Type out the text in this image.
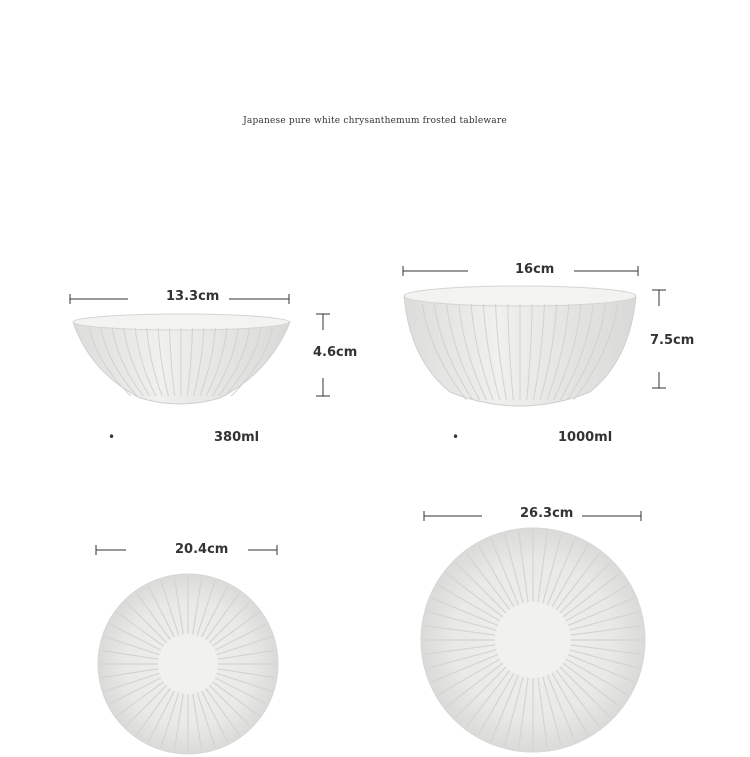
Japanese pure white chrysanthemum frosted tableware
13.3cm
4.6cm
16cm
7.5cm
20.4cm
26.3cm
•	380ml	•	1000ml
